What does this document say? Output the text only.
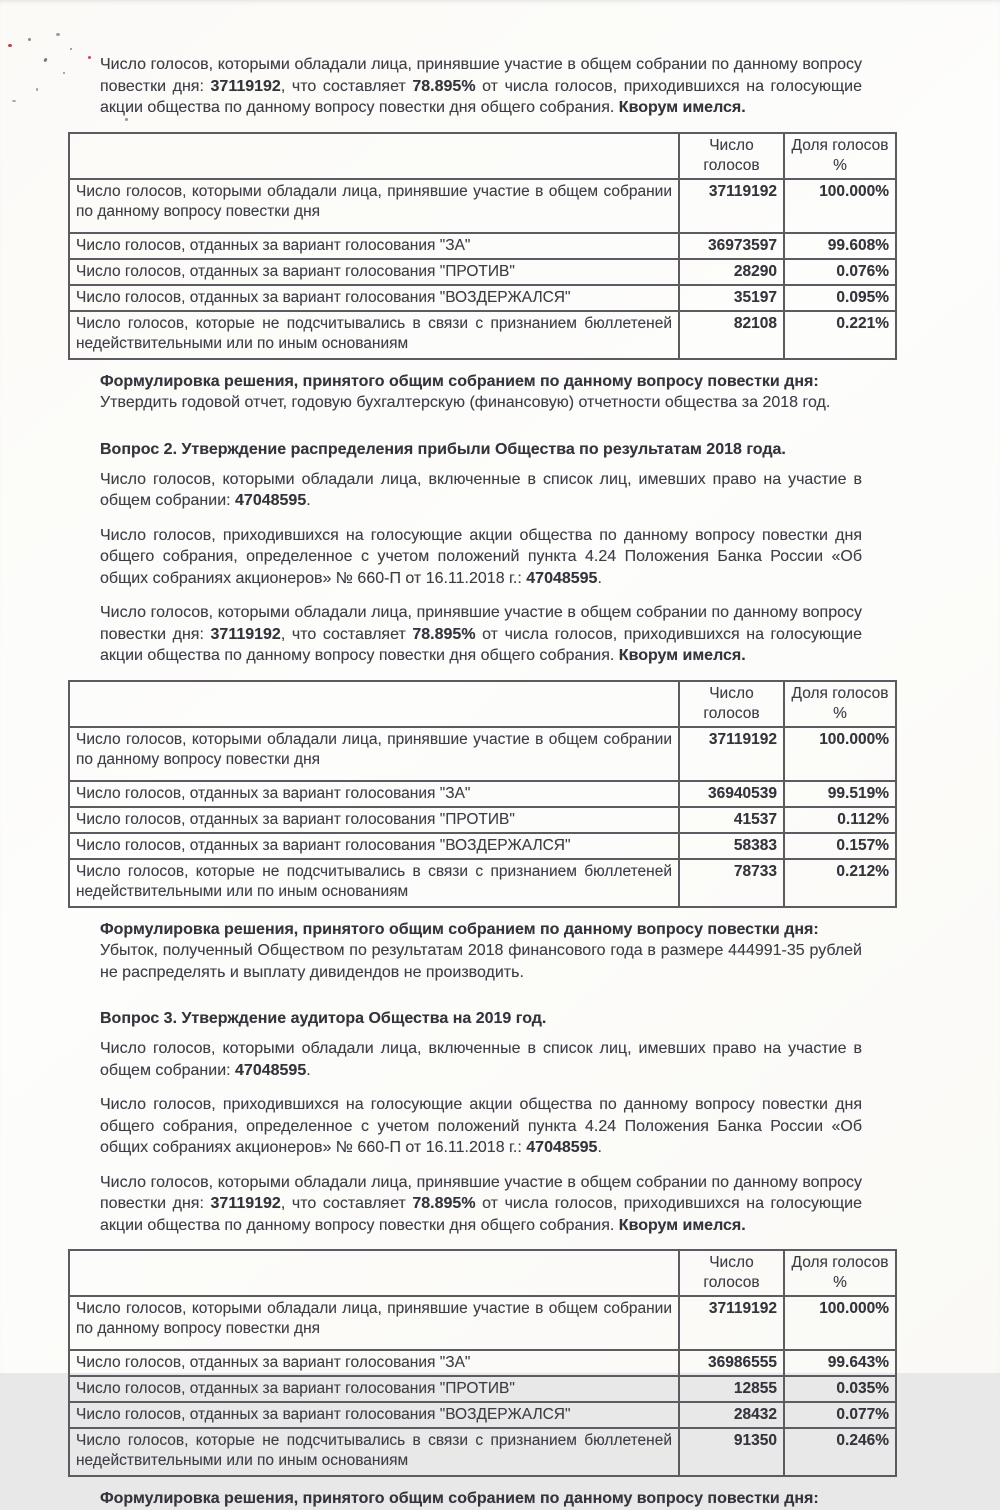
Число голосов, которыми обладали лица, принявшие участие в общем собрании по данному вопросу повестки дня: 37119192, что составляет 78.895% от числа голосов, приходившихся на голосующие акции общества по данному вопросу повестки дня общего собрания. Кворум имелся.

	Число голосов	Доля голосов %
Число голосов, которыми обладали лица, принявшие участие в общем собрании по данному вопросу повестки дня	37119192	100.000%
Число голосов, отданных за вариант голосования "ЗА"	36973597	99.608%
Число голосов, отданных за вариант голосования "ПРОТИВ"	28290	0.076%
Число голосов, отданных за вариант голосования "ВОЗДЕРЖАЛСЯ"	35197	0.095%
Число голосов, которые не подсчитывались в связи с признанием бюллетеней недействительными или по иным основаниям	82108	0.221%

Формулировка решения, принятого общим собранием по данному вопросу повестки дня:

Утвердить годовой отчет, годовую бухгалтерскую (финансовую) отчетности общества за 2018 год.

Вопрос 2. Утверждение распределения прибыли Общества по результатам 2018 года.

Число голосов, которыми обладали лица, включенные в список лиц, имевших право на участие в общем собрании: 47048595.

Число голосов, приходившихся на голосующие акции общества по данному вопросу повестки дня общего собрания, определенное с учетом положений пункта 4.24 Положения Банка России «Об общих собраниях акционеров» № 660-П от 16.11.2018 г.: 47048595.

Число голосов, которыми обладали лица, принявшие участие в общем собрании по данному вопросу повестки дня: 37119192, что составляет 78.895% от числа голосов, приходившихся на голосующие акции общества по данному вопросу повестки дня общего собрания. Кворум имелся.

	Число голосов	Доля голосов %
Число голосов, которыми обладали лица, принявшие участие в общем собрании по данному вопросу повестки дня	37119192	100.000%
Число голосов, отданных за вариант голосования "ЗА"	36940539	99.519%
Число голосов, отданных за вариант голосования "ПРОТИВ"	41537	0.112%
Число голосов, отданных за вариант голосования "ВОЗДЕРЖАЛСЯ"	58383	0.157%
Число голосов, которые не подсчитывались в связи с признанием бюллетеней недействительными или по иным основаниям	78733	0.212%

Формулировка решения, принятого общим собранием по данному вопросу повестки дня:

Убыток, полученный Обществом по результатам 2018 финансового года в размере 444991-35 рублей не распределять и выплату дивидендов не производить.

Вопрос 3. Утверждение аудитора Общества на 2019 год.

Число голосов, которыми обладали лица, включенные в список лиц, имевших право на участие в общем собрании: 47048595.

Число голосов, приходившихся на голосующие акции общества по данному вопросу повестки дня общего собрания, определенное с учетом положений пункта 4.24 Положения Банка России «Об общих собраниях акционеров» № 660-П от 16.11.2018 г.: 47048595.

Число голосов, которыми обладали лица, принявшие участие в общем собрании по данному вопросу повестки дня: 37119192, что составляет 78.895% от числа голосов, приходившихся на голосующие акции общества по данному вопросу повестки дня общего собрания. Кворум имелся.

	Число голосов	Доля голосов %
Число голосов, которыми обладали лица, принявшие участие в общем собрании по данному вопросу повестки дня	37119192	100.000%
Число голосов, отданных за вариант голосования "ЗА"	36986555	99.643%
Число голосов, отданных за вариант голосования "ПРОТИВ"	12855	0.035%
Число голосов, отданных за вариант голосования "ВОЗДЕРЖАЛСЯ"	28432	0.077%
Число голосов, которые не подсчитывались в связи с признанием бюллетеней недействительными или по иным основаниям	91350	0.246%

Формулировка решения, принятого общим собранием по данному вопросу повестки дня:
